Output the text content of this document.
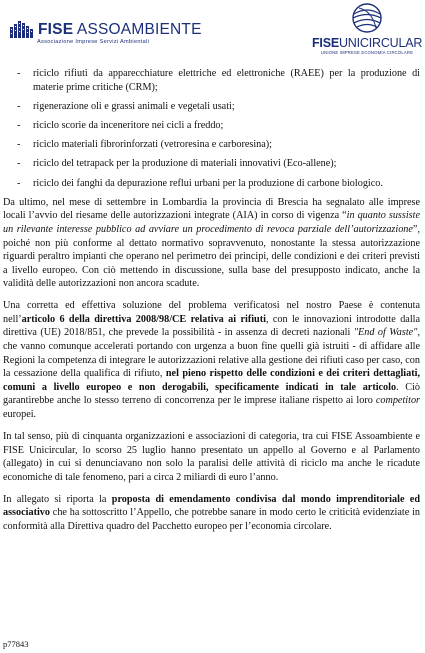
FISE ASSOAMBIENTE
Associazione Imprese Servizi Ambientali	FISEUNICIRCULAR
UNIONE IMPRESE ECONOMIA CIRCOLARE
- riciclo rifiuti da apparecchiature elettriche ed elettroniche (RAEE) per la produzione di materie prime critiche (CRM);
- rigenerazione oli e grassi animali e vegetali usati;
- riciclo scorie da inceneritore nei cicli a freddo;
- riciclo materiali fibrorinforzati (vetroresina e carboresina);
- riciclo del tetrapack per la produzione di materiali innovativi (Eco-allene);
- riciclo dei fanghi da depurazione reflui urbani per la produzione di carbone biologico.

Da ultimo, nel mese di settembre in Lombardia la provincia di Brescia ha segnalato alle imprese locali l’avvio del riesame delle autorizzazioni integrate (AIA) in corso di vigenza “in quanto sussiste un rilevante interesse pubblico ad avviare un procedimento di revoca parziale dell’autorizzazione”, poiché non più conforme al dettato normativo sopravvenuto, nonostante la stessa autorizzazione riguardi peraltro impianti che operano nel perimetro dei principi, delle condizioni e dei criteri previsti a livello europeo. Con ciò mettendo in discussione, sulla base del presupposto indicato, anche la validità delle autorizzazioni non ancora scadute.

Una corretta ed effettiva soluzione del problema verificatosi nel nostro Paese è contenuta nell’articolo 6 della direttiva 2008/98/CE relativa ai rifiuti, con le innovazioni introdotte dalla direttiva (UE) 2018/851, che prevede la possibilità - in assenza di decreti nazionali "End of Waste", che vanno comunque accelerati portando con urgenza a buon fine quelli già istruiti - di affidare alle Regioni la competenza di integrare le autorizzazioni relative alla gestione dei rifiuti caso per caso, con la cessazione della qualifica di rifiuto, nel pieno rispetto delle condizioni e dei criteri dettagliati, comuni a livello europeo e non derogabili, specificamente indicati in tale articolo. Ciò garantirebbe anche lo stesso terreno di concorrenza per le imprese italiane rispetto ai loro competitor europei.

In tal senso, più di cinquanta organizzazioni e associazioni di categoria, tra cui FISE Assoambiente e FISE Unicircular, lo scorso 25 luglio hanno presentato un appello al Governo e al Parlamento (allegato) in cui si denunciavano non solo la paralisi delle attività di riciclo ma anche le ricadute economiche di tale fenomeno, pari a circa 2 miliardi di euro l’anno.

In allegato si riporta la proposta di emendamento condivisa dal mondo imprenditoriale ed associativo che ha sottoscritto l’Appello, che potrebbe sanare in modo certo le criticità evidenziate in conformità alla Direttiva quadro del Pacchetto europeo per l’economia circolare.

p77843
